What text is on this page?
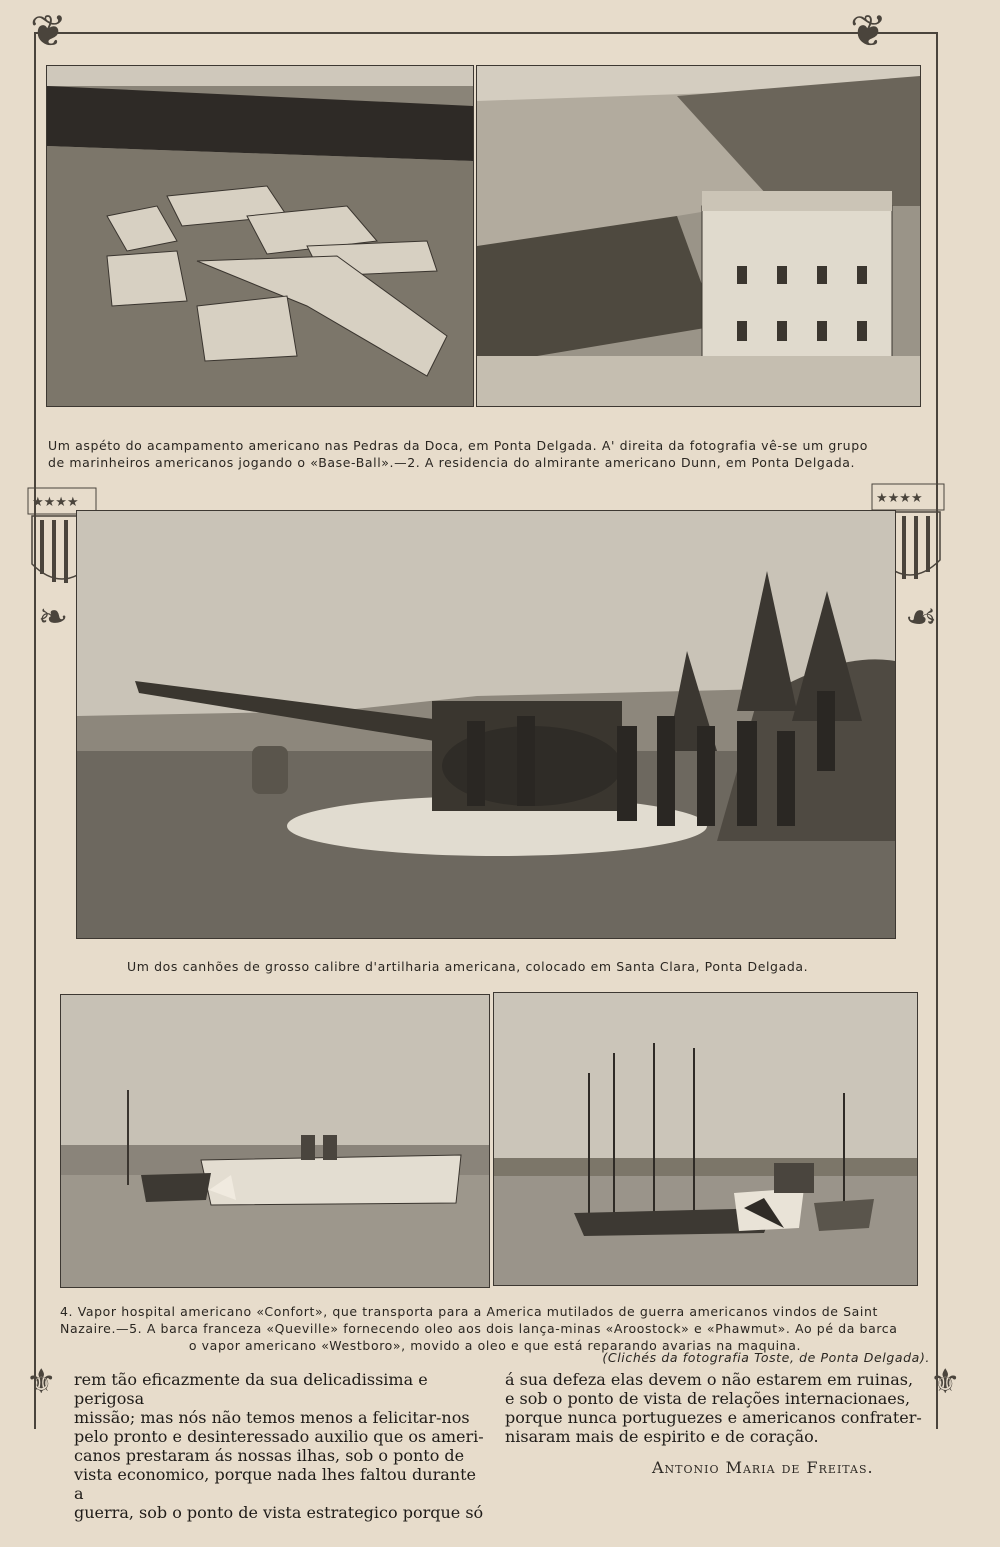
❦	❦
Um aspéto do acampamento americano nas Pedras da Doca, em Ponta Delgada. A' direita da fotografia vê-se um grupo
de marinheiros americanos jogando o «Base-Ball».—2. A residencia do almirante americano Dunn, em Ponta Delgada.
★★★★	★★★★
❧	☙
Um dos canhões de grosso calibre d'artilharia americana, colocado em Santa Clara, Ponta Delgada.
4. Vapor hospital americano «Confort», que transporta para a America mutilados de guerra americanos vindos de Saint
Nazaire.—5. A barca franceza «Queville» fornecendo oleo aos dois lança-minas «Aroostock» e «Phawmut». Ao pé da barca
o vapor americano «Westboro», movido a oleo e que está reparando avarias na maquina.
(Clichés da fotografia Toste, de Ponta Delgada).
⚜	⚜
rem tão eficazmente da sua delicadissima e perigosa
missão; mas nós não temos menos a felicitar-nos
pelo pronto e desinteressado auxilio que os ameri-
canos prestaram ás nossas ilhas, sob o ponto de
vista economico, porque nada lhes faltou durante a
guerra, sob o ponto de vista estrategico porque só
á sua defeza elas devem o não estarem em ruinas,
e sob o ponto de vista de relações internacionaes,
porque nunca portuguezes e americanos confrater-
nisaram mais de espirito e de coração.
Antonio Maria de Freitas.
